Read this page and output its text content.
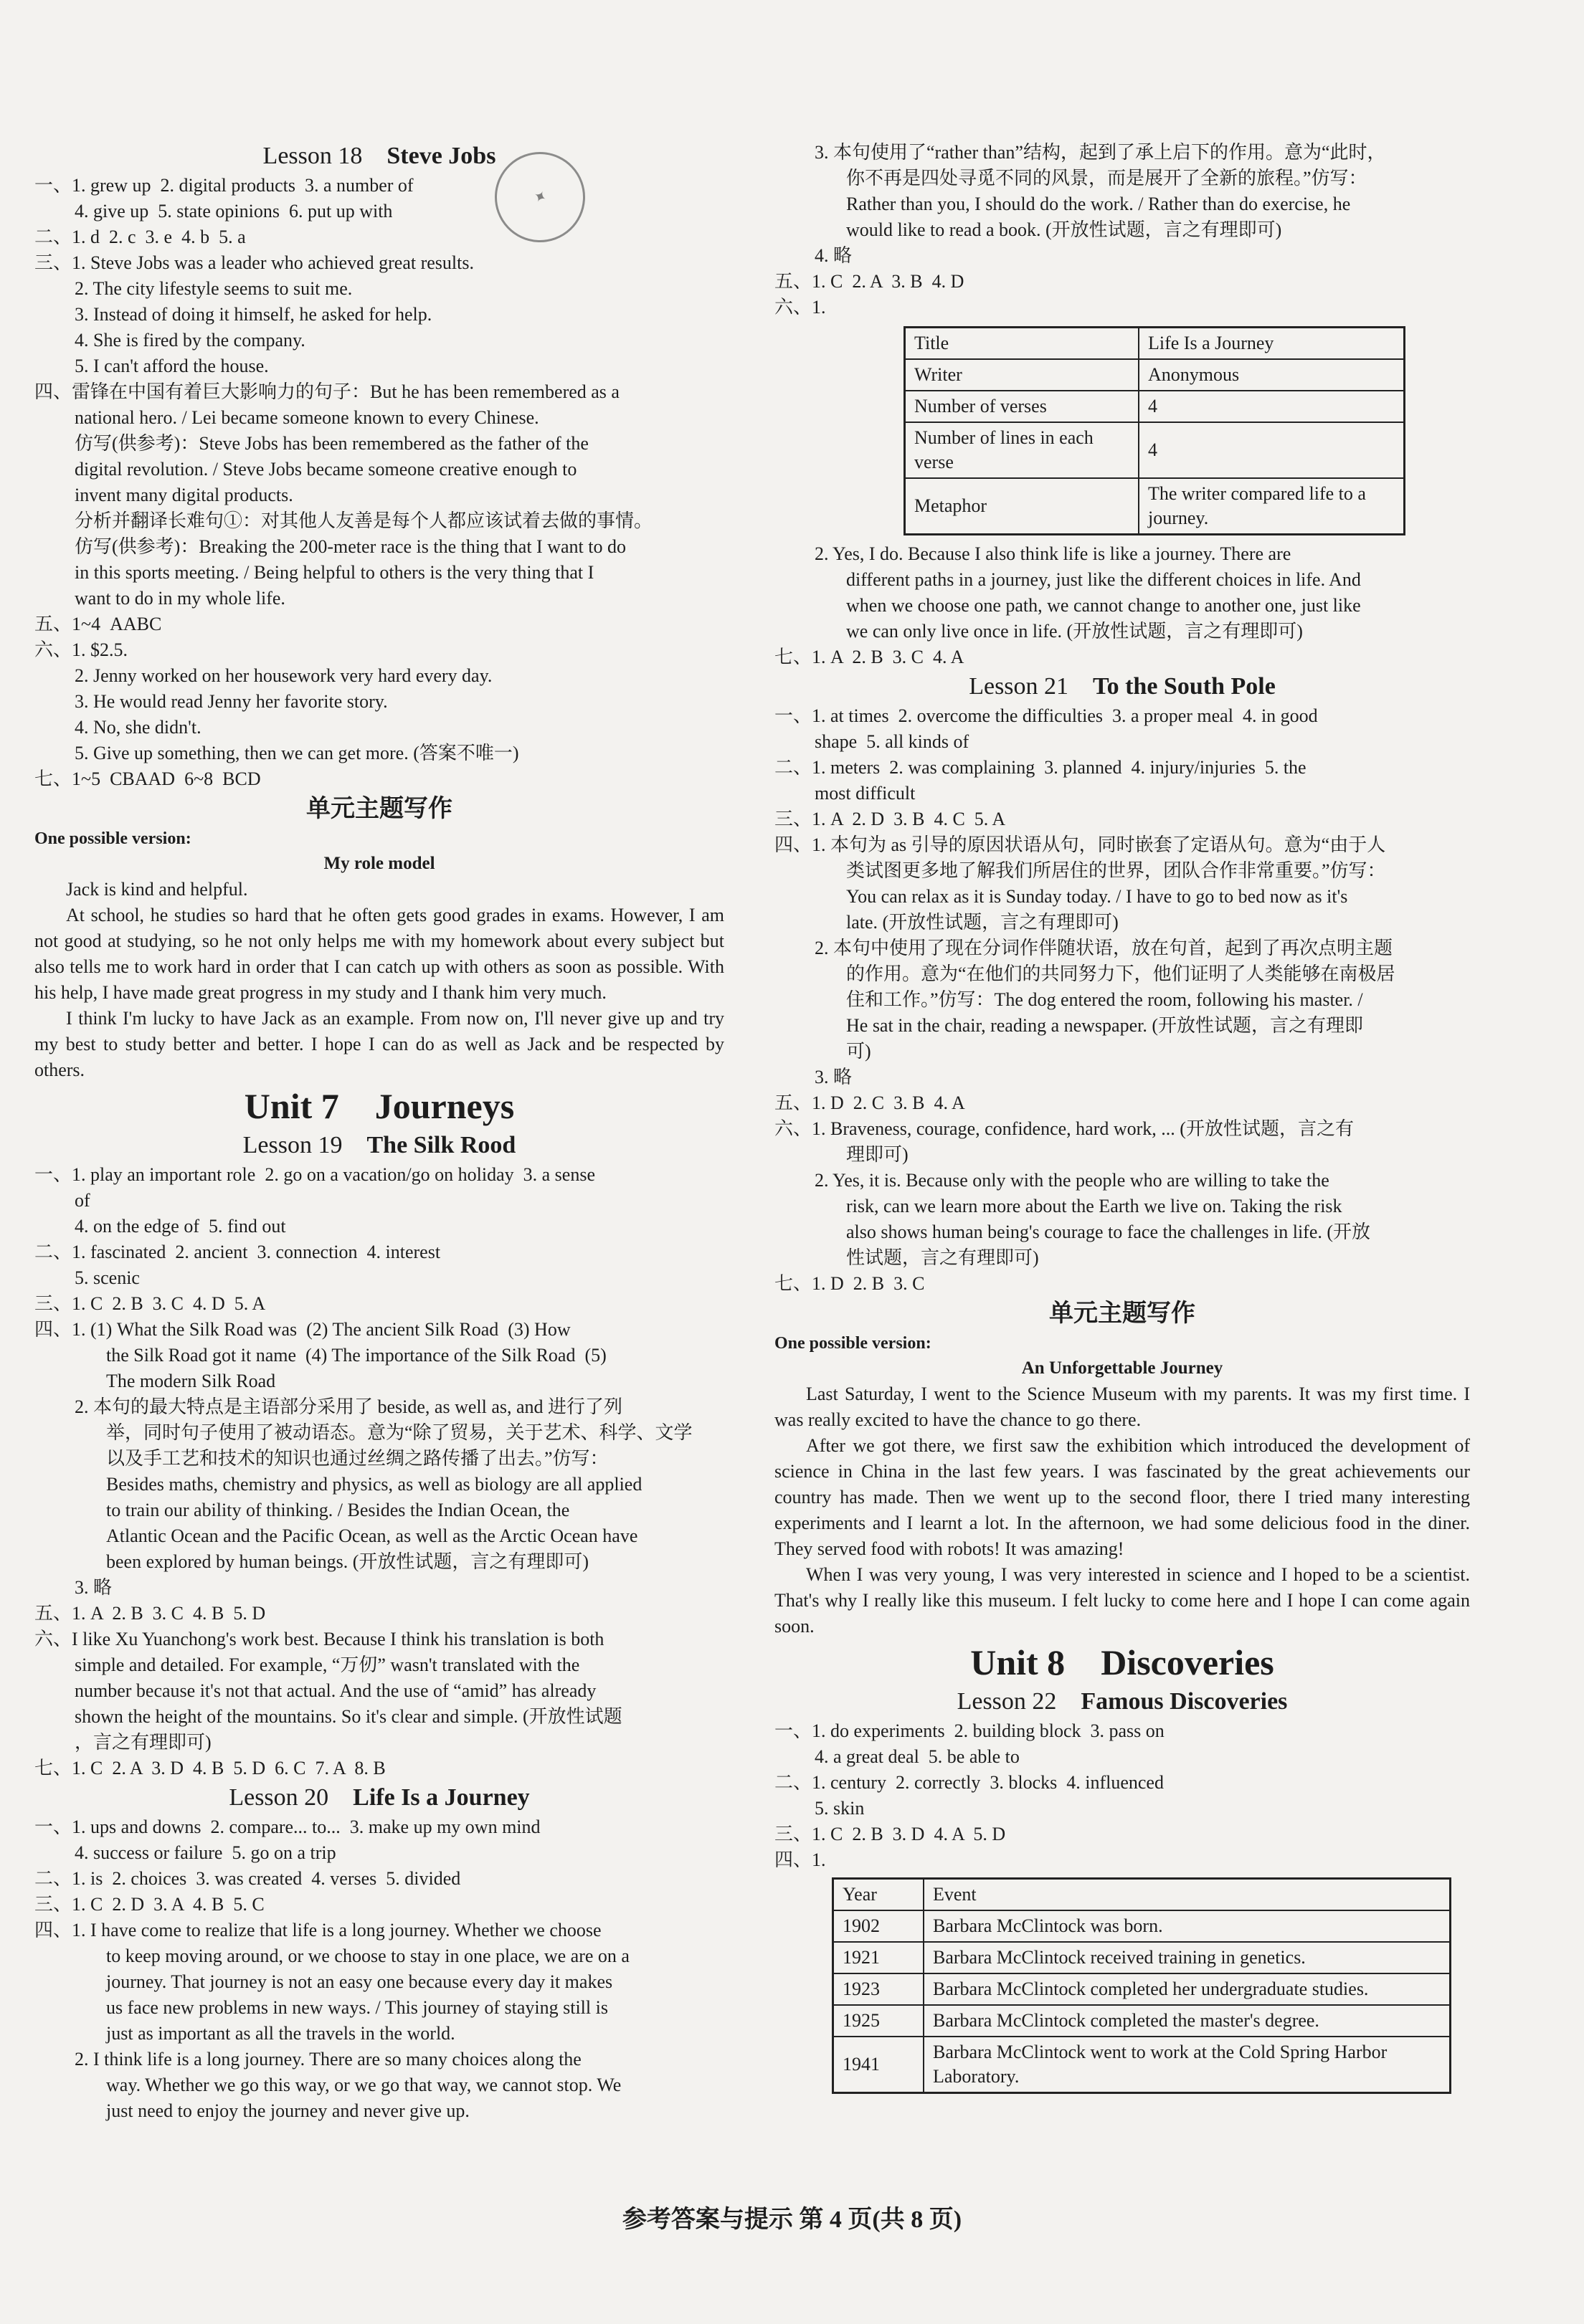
Lesson 18  Steve Jobs
一、1. grew up  2. digital products  3. a number of
4. give up  5. state opinions  6. put up with
二、1. d  2. c  3. e  4. b  5. a
三、1. Steve Jobs was a leader who achieved great results.
2. The city lifestyle seems to suit me.
3. Instead of doing it himself, he asked for help.
4. She is fired by the company.
5. I can't afford the house.
四、雷锋在中国有着巨大影响力的句子：But he has been remembered as a
national hero. / Lei became someone known to every Chinese.
仿写(供参考)：Steve Jobs has been remembered as the father of the
digital revolution. / Steve Jobs became someone creative enough to
invent many digital products.
分析并翻译长难句①：对其他人友善是每个人都应该试着去做的事情。
仿写(供参考)：Breaking the 200-meter race is the thing that I want to do
in this sports meeting. / Being helpful to others is the very thing that I
want to do in my whole life.
五、1~4  AABC
六、1. $2.5.
2. Jenny worked on her housework very hard every day.
3. He would read Jenny her favorite story.
4. No, she didn't.
5. Give up something, then we can get more. (答案不唯一)
七、1~5  CBAAD  6~8  BCD
单元主题写作
One possible version:
My role model
Jack is kind and helpful.
At school, he studies so hard that he often gets good grades in exams. However, I am not good at studying, so he not only helps me with my homework about every subject but also tells me to work hard in order that I can catch up with others as soon as possible. With his help, I have made great progress in my study and I thank him very much.
I think I'm lucky to have Jack as an example. From now on, I'll never give up and try my best to study better and better. I hope I can do as well as Jack and be respected by others.
Unit 7  Journeys
Lesson 19  The Silk Rood
一、1. play an important role  2. go on a vacation/go on holiday  3. a sense
of
4. on the edge of  5. find out
二、1. fascinated  2. ancient  3. connection  4. interest
5. scenic
三、1. C  2. B  3. C  4. D  5. A
四、1. (1) What the Silk Road was  (2) The ancient Silk Road  (3) How
the Silk Road got it name  (4) The importance of the Silk Road  (5)
The modern Silk Road
2. 本句的最大特点是主语部分采用了 beside, as well as, and 进行了列
举，同时句子使用了被动语态。意为“除了贸易，关于艺术、科学、文学
以及手工艺和技术的知识也通过丝绸之路传播了出去。”仿写：
Besides maths, chemistry and physics, as well as biology are all applied
to train our ability of thinking. / Besides the Indian Ocean, the
Atlantic Ocean and the Pacific Ocean, as well as the Arctic Ocean have
been explored by human beings. (开放性试题，言之有理即可)
3. 略
五、1. A  2. B  3. C  4. B  5. D
六、I like Xu Yuanchong's work best. Because I think his translation is both
simple and detailed. For example, “万仞” wasn't translated with the
number because it's not that actual. And the use of “amid” has already
shown the height of the mountains. So it's clear and simple. (开放性试题
，言之有理即可)
七、1. C  2. A  3. D  4. B  5. D  6. C  7. A  8. B
Lesson 20  Life Is a Journey
一、1. ups and downs  2. compare... to...  3. make up my own mind
4. success or failure  5. go on a trip
二、1. is  2. choices  3. was created  4. verses  5. divided
三、1. C  2. D  3. A  4. B  5. C
四、1. I have come to realize that life is a long journey. Whether we choose
to keep moving around, or we choose to stay in one place, we are on a
journey. That journey is not an easy one because every day it makes
us face new problems in new ways. / This journey of staying still is
just as important as all the travels in the world.
2. I think life is a long journey. There are so many choices along the
way. Whether we go this way, or we go that way, we cannot stop. We
just need to enjoy the journey and never give up.
3. 本句使用了“rather than”结构，起到了承上启下的作用。意为“此时，
你不再是四处寻觅不同的风景，而是展开了全新的旅程。”仿写：
Rather than you, I should do the work. / Rather than do exercise, he
would like to read a book. (开放性试题，言之有理即可)
4. 略
五、1. C  2. A  3. B  4. D
六、1.
Title	Life Is a Journey
Writer	Anonymous
Number of verses	4
Number of lines in each verse	4
Metaphor	The writer compared life to a journey.
2. Yes, I do. Because I also think life is like a journey. There are
different paths in a journey, just like the different choices in life. And
when we choose one path, we cannot change to another one, just like
we can only live once in life. (开放性试题，言之有理即可)
七、1. A  2. B  3. C  4. A
Lesson 21  To the South Pole
一、1. at times  2. overcome the difficulties  3. a proper meal  4. in good
shape  5. all kinds of
二、1. meters  2. was complaining  3. planned  4. injury/injuries  5. the
most difficult
三、1. A  2. D  3. B  4. C  5. A
四、1. 本句为 as 引导的原因状语从句，同时嵌套了定语从句。意为“由于人
类试图更多地了解我们所居住的世界，团队合作非常重要。”仿写：
You can relax as it is Sunday today. / I have to go to bed now as it's
late. (开放性试题，言之有理即可)
2. 本句中使用了现在分词作伴随状语，放在句首，起到了再次点明主题
的作用。意为“在他们的共同努力下，他们证明了人类能够在南极居
住和工作。”仿写：The dog entered the room, following his master. /
He sat in the chair, reading a newspaper. (开放性试题，言之有理即
可)
3. 略
五、1. D  2. C  3. B  4. A
六、1. Braveness, courage, confidence, hard work, ... (开放性试题，言之有
理即可)
2. Yes, it is. Because only with the people who are willing to take the
risk, can we learn more about the Earth we live on. Taking the risk
also shows human being's courage to face the challenges in life. (开放
性试题，言之有理即可)
七、1. D  2. B  3. C
单元主题写作
One possible version:
An Unforgettable Journey
Last Saturday, I went to the Science Museum with my parents. It was my first time. I was really excited to have the chance to go there.
After we got there, we first saw the exhibition which introduced the development of science in China in the last few years. I was fascinated by the great achievements our country has made. Then we went up to the second floor, there I tried many interesting experiments and I learnt a lot. In the afternoon, we had some delicious food in the diner. They served food with robots! It was amazing!
When I was very young, I was very interested in science and I hoped to be a scientist. That's why I really like this museum. I felt lucky to come here and I hope I can come again soon.
Unit 8  Discoveries
Lesson 22  Famous Discoveries
一、1. do experiments  2. building block  3. pass on
4. a great deal  5. be able to
二、1. century  2. correctly  3. blocks  4. influenced
5. skin
三、1. C  2. B  3. D  4. A  5. D
四、1.
Year	Event
1902	Barbara McClintock was born.
1921	Barbara McClintock received training in genetics.
1923	Barbara McClintock completed her undergraduate studies.
1925	Barbara McClintock completed the master's degree.
1941	Barbara McClintock went to work at the Cold Spring Harbor Laboratory.
✦
参考答案与提示 第 4 页(共 8 页)
